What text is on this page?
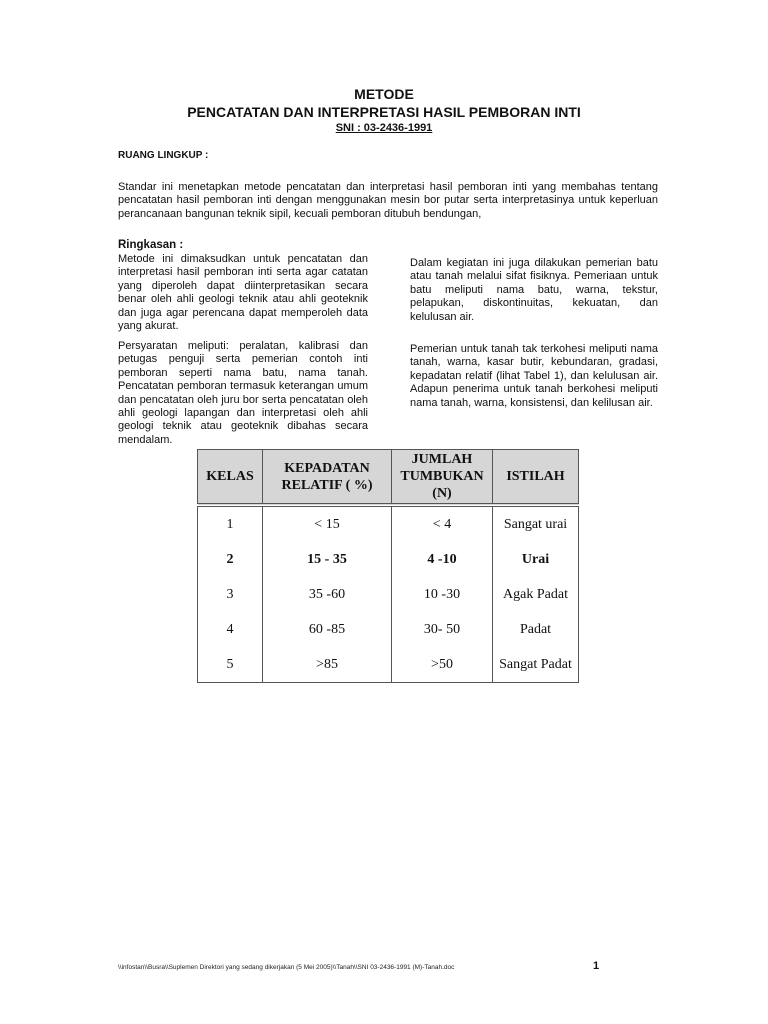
METODE
PENCATATAN DAN INTERPRETASI HASIL PEMBORAN INTI
SNI : 03-2436-1991
RUANG LINGKUP :
Standar ini menetapkan metode pencatatan dan interpretasi hasil pemboran inti yang membahas tentang pencatatan hasil pemboran inti dengan menggunakan mesin bor putar serta interpretasinya untuk keperluan perancanaan bangunan teknik sipil, kecuali pemboran ditubuh bendungan,
Ringkasan :
Metode ini dimaksudkan untuk pencatatan dan interpretasi hasil pemboran inti serta agar catatan yang diperoleh dapat diinterpretasikan secara benar oleh ahli geologi teknik atau ahli geoteknik dan juga agar perencana dapat memperoleh data yang akurat.
Persyaratan meliputi: peralatan, kalibrasi dan petugas penguji serta pemerian contoh inti pemboran seperti nama batu, nama tanah. Pencatatan pemboran termasuk keterangan umum dan pencatatan oleh juru bor serta pencatatan oleh ahli geologi lapangan dan interpretasi oleh ahli geologi teknik atau geoteknik dibahas secara mendalam.
Dalam kegiatan ini juga dilakukan pemerian batu atau tanah melalui sifat fisiknya. Pemeriaan untuk batu meliputi nama batu, warna, tekstur, pelapukan, diskontinuitas, kekuatan, dan kelulusan air.
Pemerian untuk tanah tak terkohesi meliputi nama tanah, warna, kasar butir, kebundaran, gradasi, kepadatan relatif (lihat Tabel 1), dan kelulusan air. Adapun penerima untuk tanah berkohesi meliputi nama tanah, warna, konsistensi, dan kelilusan air.
KELAS	KEPADATAN RELATIF ( %)	JUMLAH TUMBUKAN (N)	ISTILAH
1	< 15	< 4	Sangat urai
2	15 - 35	4 -10	Urai
3	35 -60	10 -30	Agak Padat
4	60 -85	30- 50	Padat
5	>85	>50	Sangat Padat
\\infostan\\Busra\\Suplemen Direktori yang sedang dikerjakan (5 Mei 2005)\\Tanah\\SNI 03-2436-1991 (M)-Tanah.doc	1
